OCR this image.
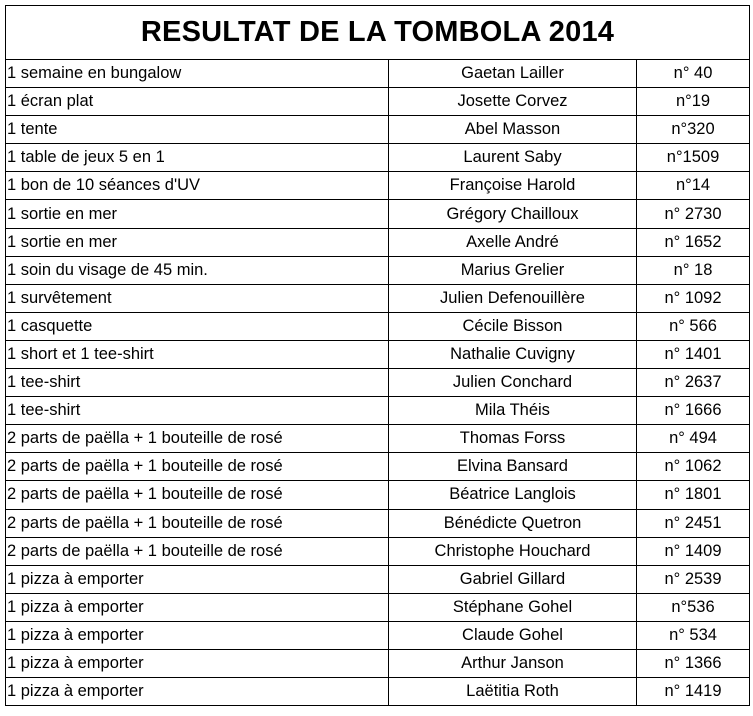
RESULTAT DE LA TOMBOLA 2014		
1 semaine en bungalow	Gaetan Lailler	n° 40
1 écran plat	Josette Corvez	n°19
1 tente	Abel Masson	n°320
1 table de jeux 5 en 1	Laurent Saby	n°1509
1 bon de 10 séances d'UV	Françoise Harold	n°14
1 sortie en mer	Grégory Chailloux	n° 2730
1 sortie en mer	Axelle André	n° 1652
1 soin du visage de 45 min.	Marius Grelier	n° 18
1 survêtement	Julien Defenouillère	n° 1092
1 casquette	Cécile Bisson	n° 566
1 short et 1 tee-shirt	Nathalie Cuvigny	n° 1401
1 tee-shirt	Julien Conchard	n° 2637
1 tee-shirt	Mila Théis	n° 1666
2 parts de paëlla + 1 bouteille de rosé	Thomas Forss	n° 494
2 parts de paëlla + 1 bouteille de rosé	Elvina Bansard	n° 1062
2 parts de paëlla + 1 bouteille de rosé	Béatrice Langlois	n° 1801
2 parts de paëlla + 1 bouteille de rosé	Bénédicte Quetron	n° 2451
2 parts de paëlla + 1 bouteille de rosé	Christophe Houchard	n° 1409
1 pizza à emporter	Gabriel Gillard	n° 2539
1 pizza à emporter	Stéphane Gohel	n°536
1 pizza à emporter	Claude Gohel	n° 534
1 pizza à emporter	Arthur Janson	n° 1366
1 pizza à emporter	Laëtitia Roth	n° 1419
